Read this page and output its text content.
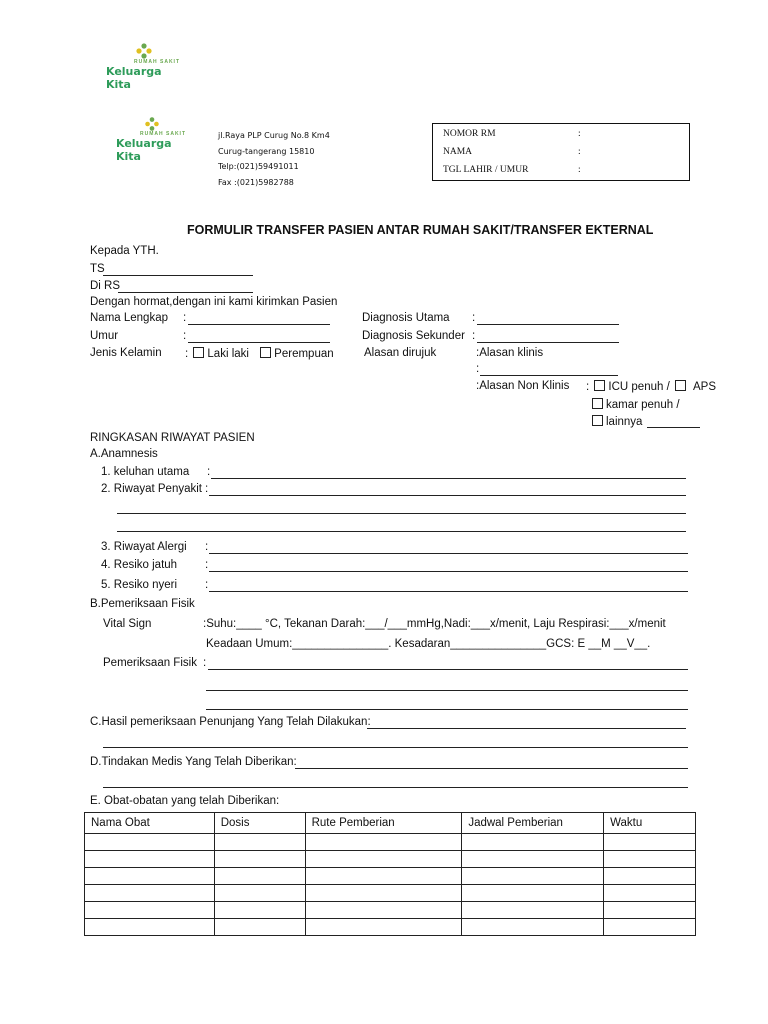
RUMAH SAKIT
Keluarga Kita
RUMAH SAKIT
Keluarga Kita
jl.Raya PLP Curug No.8 Km4
Curug-tangerang 15810
Telp:(021)59491011
Fax :(021)5982788
NOMOR RM	:
NAMA	:
TGL LAHIR / UMUR	:
FORMULIR TRANSFER PASIEN ANTAR RUMAH SAKIT/TRANSFER EKTERNAL
Kepada YTH.
TS
Di RS
Dengan hormat,dengan ini kami kirimkan Pasien
Nama Lengkap :
Umur	:
Jenis Kelamin : Laki laki Perempuan
Diagnosis Utama :
Diagnosis Sekunder :
Alasan dirujuk	:Alasan klinis
:
:Alasan Non Klinis : ICU penuh / APS
kamar penuh /
lainnya
RINGKASAN RIWAYAT PASIEN
A.Anamnesis
1. keluhan utama :
2. Riwayat Penyakit :
3. Riwayat Alergi :
4. Resiko jatuh :
5. Resiko nyeri :
B.Pemeriksaan Fisik
Vital Sign	:Suhu:____ °C, Tekanan Darah:___/___mmHg,Nadi:___x/menit, Laju Respirasi:___x/menit
Keadaan Umum:_______________. Kesadaran_______________GCS: E __M __V__.
Pemeriksaan Fisik :
C.Hasil pemeriksaan Penunjang Yang Telah Dilakukan:
D.Tindakan Medis Yang Telah Diberikan:
E. Obat-obatan yang telah Diberikan:
Nama Obat	Dosis	Rute Pemberian	Jadwal Pemberian	Waktu
